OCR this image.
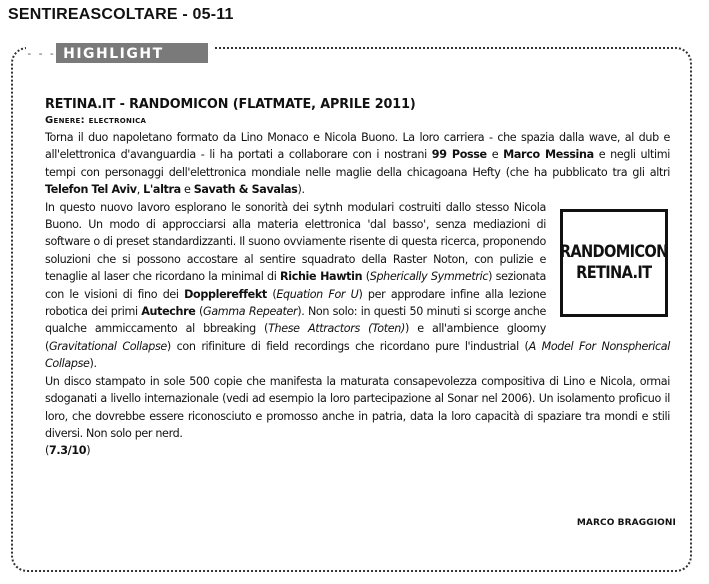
SENTIREASCOLTARE - 05-11
- - - HIGHLIGHT
RETINA.IT - RANDOMICON (FLATMATE, APRILE 2011)
Genere: electronica

Torna il duo napoletano formato da Lino Monaco e Nicola Buono. La loro carriera - che spazia dalla wave, al dub e all'elettronica d'avanguardia - li ha portati a collaborare con i nostrani 99 Posse e Marco Messina e negli ultimi tempi con personaggi dell'elettronica mondiale nelle maglie della chicagoana Hefty (che ha pubblicato tra gli altri Telefon Tel Aviv, L'altra e Savath & Savalas).

RANDOMICON
RETINA.IT

In questo nuovo lavoro esplorano le sonorità dei sytnh modulari costruiti dallo stesso Nicola Buono. Un modo di approcciarsi alla materia elettronica 'dal basso', senza mediazioni di software o di preset standardizzanti. Il suono ovviamente risente di questa ricerca, proponendo soluzioni che si possono accostare al sentire squadrato della Raster Noton, con pulizie e tenaglie al laser che ricordano la minimal di Richie Hawtin (Spherically Symmetric) sezionata con le visioni di fino dei Dopplereffekt (Equation For U) per approdare infine alla lezione robotica dei primi Autechre (Gamma Repeater). Non solo: in questi 50 minuti si scorge anche qualche ammiccamento al bbreaking (These Attractors (Toten)) e all'ambience gloomy (Gravitational Collapse) con rifiniture di field recordings che ricordano pure l'industrial (A Model For Nonspherical Collapse).

Un disco stampato in sole 500 copie che manifesta la maturata consapevolezza compositiva di Lino e Nicola, ormai sdoganati a livello internazionale (vedi ad esempio la loro partecipazione al Sonar nel 2006). Un isolamento proficuo il loro, che dovrebbe essere riconosciuto e promosso anche in patria, data la loro capacità di spaziare tra mondi e stili diversi. Non solo per nerd.

(7.3/10)

MARCO BRAGGIONI
